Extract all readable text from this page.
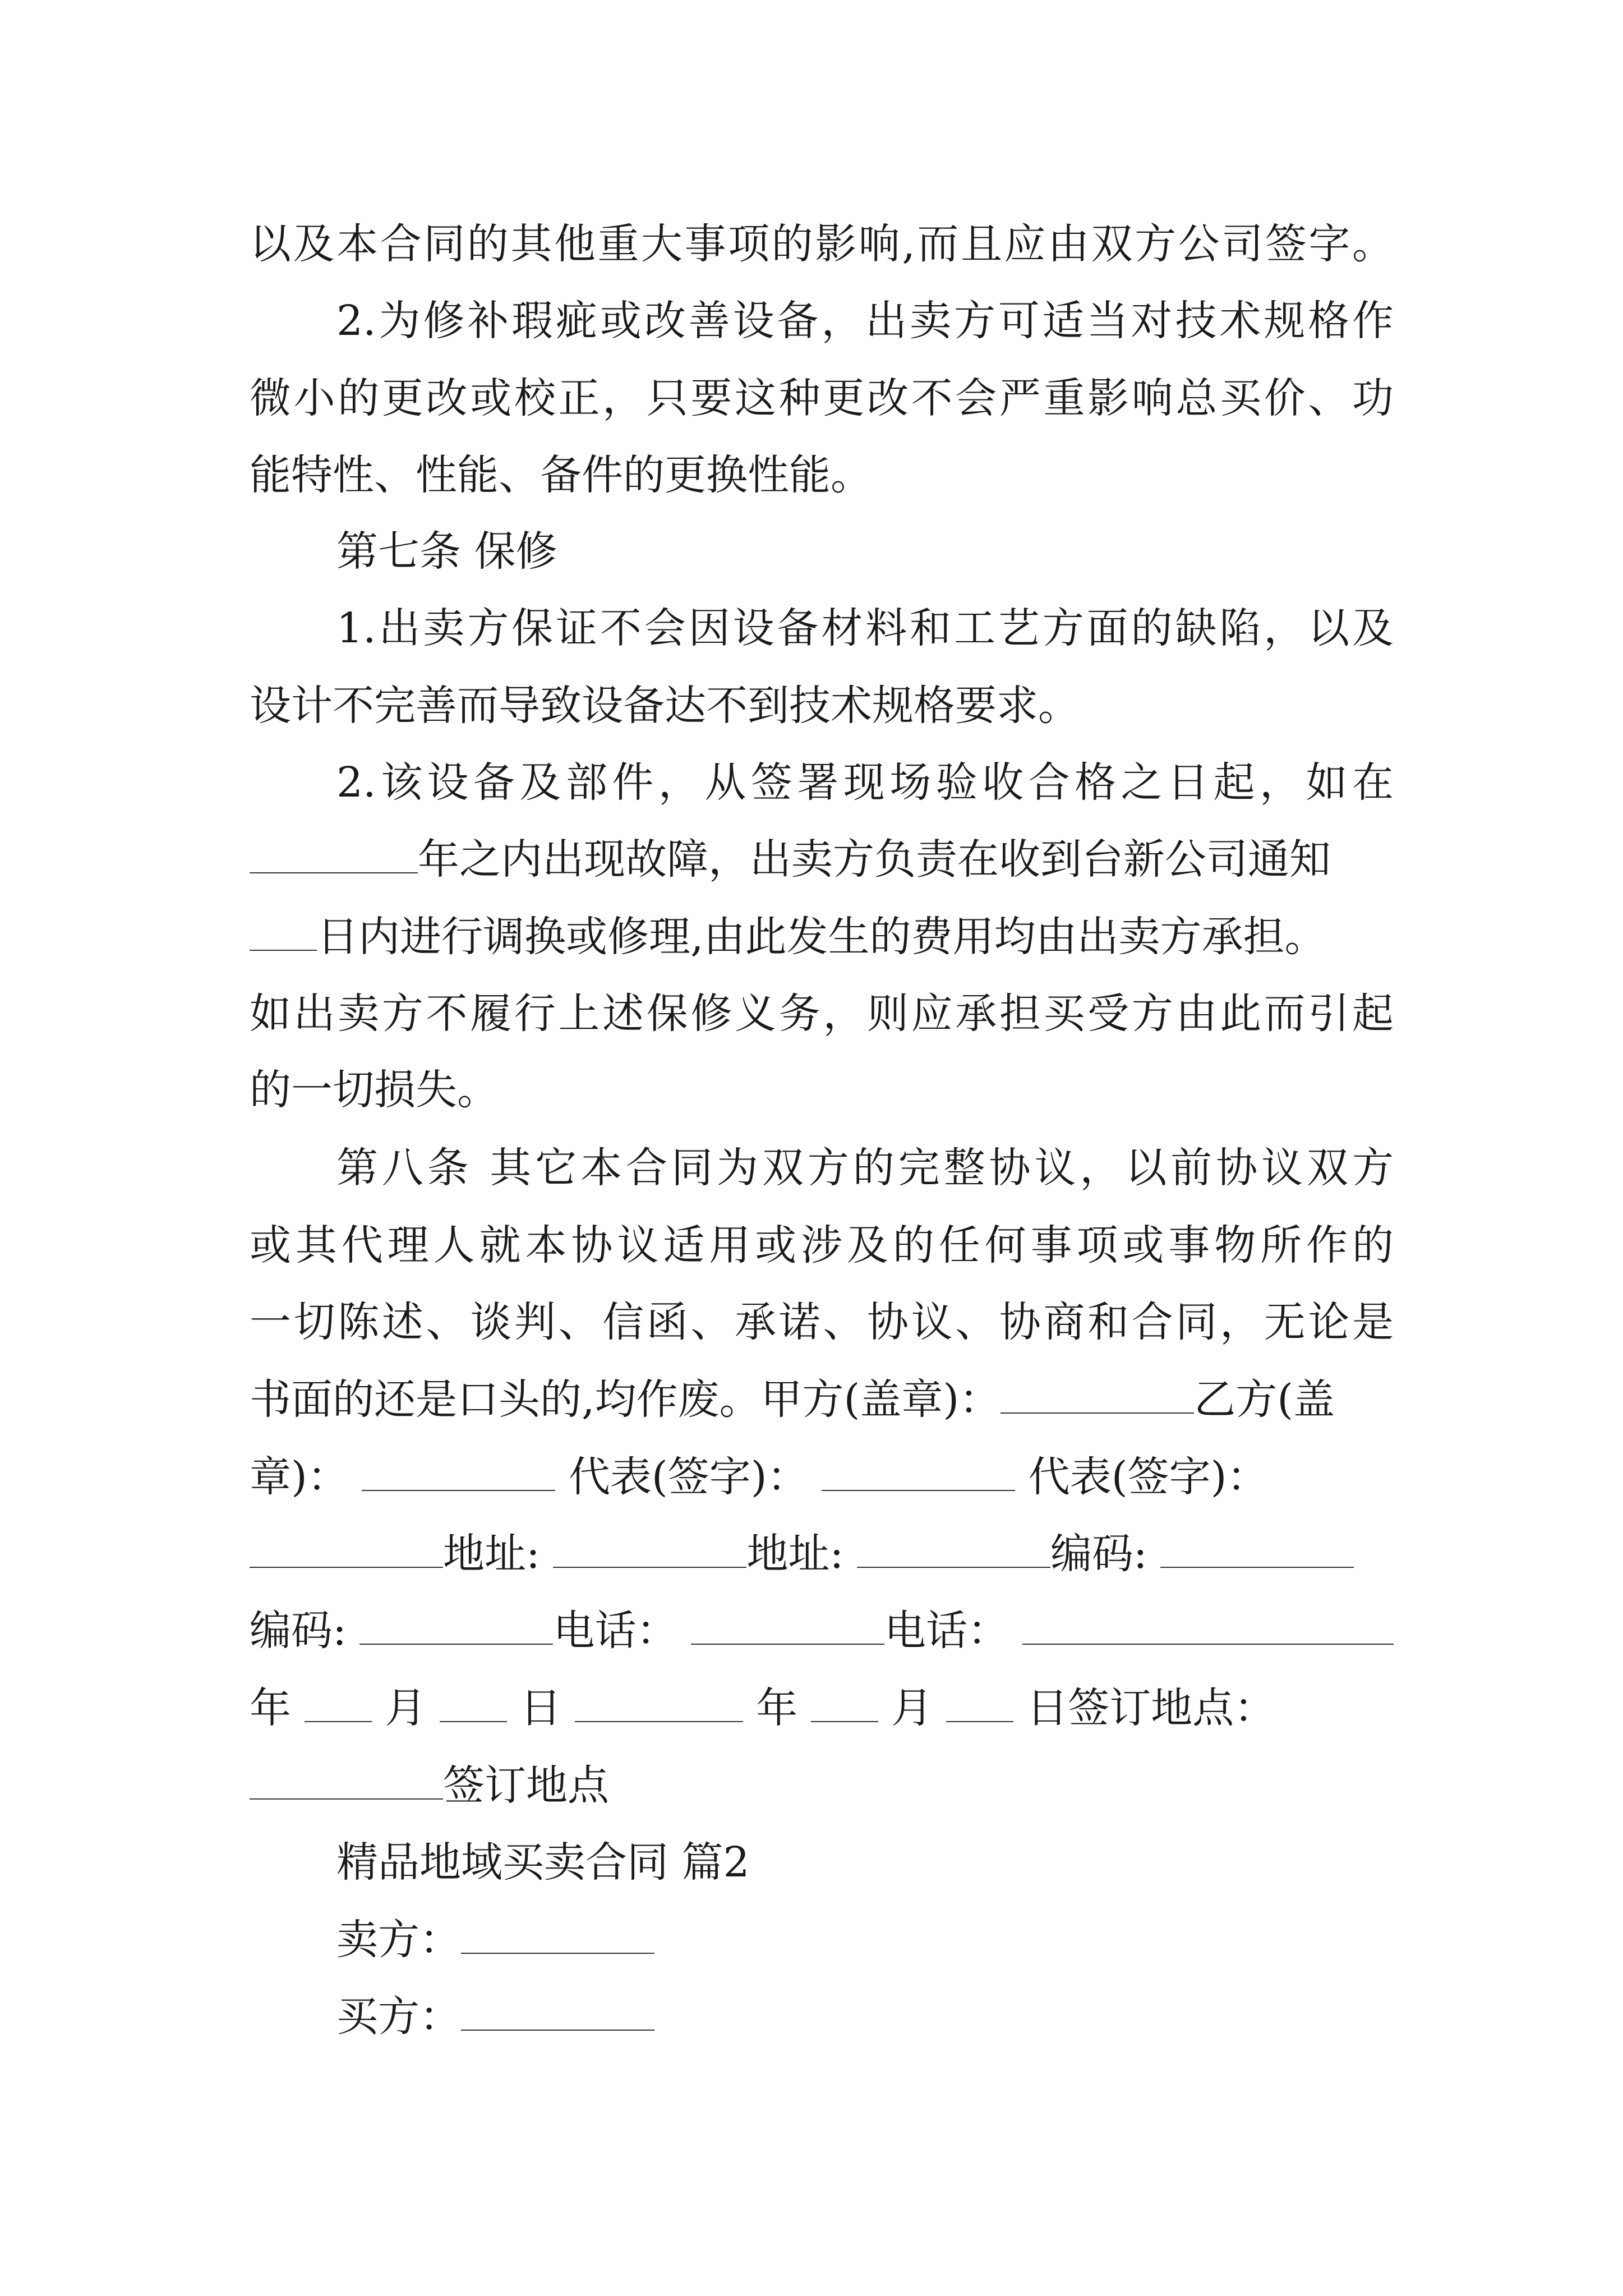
以及本合同的其他重大事项的影响,而且应由双方公司签字。
2.为修补瑕疵或改善设备，出卖方可适当对技术规格作
微小的更改或校正，只要这种更改不会严重影响总买价、功
能特性、性能、备件的更换性能。
第七条 保修
1.出卖方保证不会因设备材料和工艺方面的缺陷，以及
设计不完善而导致设备达不到技术规格要求。
2.该设备及部件，从签署现场验收合格之日起，如在
年之内出现故障，出卖方负责在收到台新公司通知
日内进行调换或修理,由此发生的费用均由出卖方承担。
如出卖方不履行上述保修义务，则应承担买受方由此而引起
的一切损失。
第八条 其它本合同为双方的完整协议，以前协议双方
或其代理人就本协议适用或涉及的任何事项或事物所作的
一切陈述、谈判、信函、承诺、协议、协商和合同，无论是
书面的还是口头的,均作废。甲方(盖章)：	乙方(盖
章)：	代表(签字)：	代表(签字)：
地址:	地址:	编码:
编码:	电话：	电话：
年 月 日	年 月 日签订地点：
签订地点
精品地域买卖合同 篇2
卖方：
买方：
